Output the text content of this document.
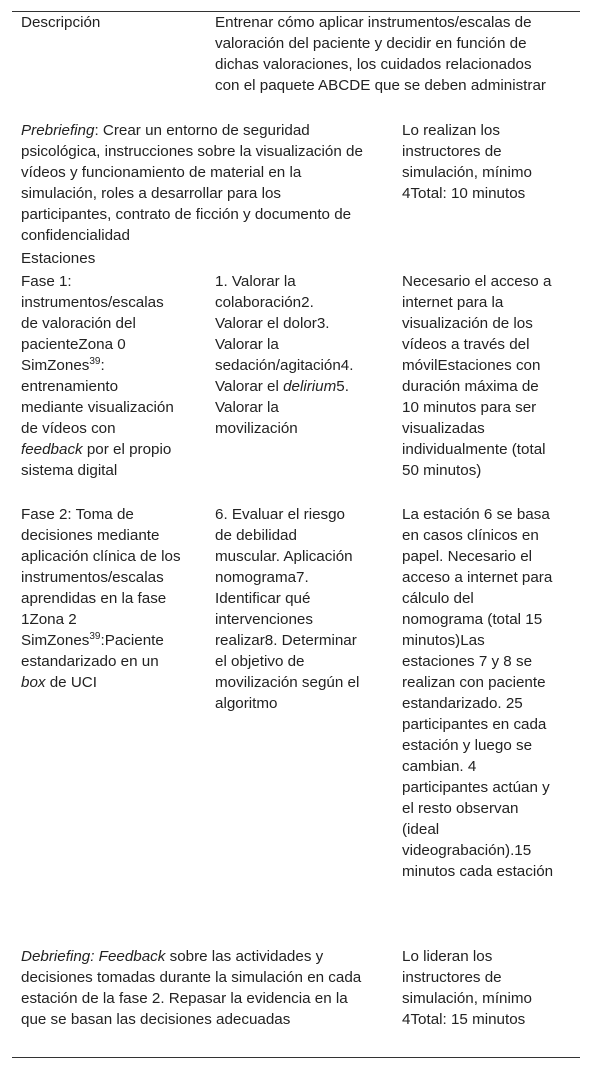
Descripción	Entrenar cómo aplicar instrumentos/escalas de valoración del paciente y decidir en función de dichas valoraciones, los cuidados relacionados con el paquete ABCDE que se deben administrar

Prebriefing: Crear un entorno de seguridad psicológica, instrucciones sobre la visualización de vídeos y funcionamiento de material en la simulación, roles a desarrollar para los participantes, contrato de ficción y documento de confidencialidad

Lo realizan los instructores de simulación, mínimo 4Total: 10 minutos

Estaciones

Fase 1: instrumentos/escalas de valoración del pacienteZona 0 SimZones$^{39}$: entrenamiento mediante visualización de vídeos con feedback por el propio sistema digital

1. Valorar la colaboración2. Valorar el dolor3. Valorar la sedación/agitación4. Valorar el delirium5. Valorar la movilización

Necesario el acceso a internet para la visualización de los vídeos a través del móvilEstaciones con duración máxima de 10 minutos para ser visualizadas individualmente (total 50 minutos)

Fase 2: Toma de decisiones mediante aplicación clínica de los instrumentos/escalas aprendidas en la fase 1Zona 2 SimZones$^{39}$:Paciente estandarizado en un box de UCI

6. Evaluar el riesgo de debilidad muscular. Aplicación nomograma7. Identificar qué intervenciones realizar8. Determinar el objetivo de movilización según el algoritmo

La estación 6 se basa en casos clínicos en papel. Necesario el acceso a internet para cálculo del nomograma (total 15 minutos)Las estaciones 7 y 8 se realizan con paciente estandarizado. 25 participantes en cada estación y luego se cambian. 4 participantes actúan y el resto observan (ideal videograbación).15 minutos cada estación

Debriefing: Feedback sobre las actividades y decisiones tomadas durante la simulación en cada estación de la fase 2. Repasar la evidencia en la que se basan las decisiones adecuadas

Lo lideran los instructores de simulación, mínimo 4Total: 15 minutos
